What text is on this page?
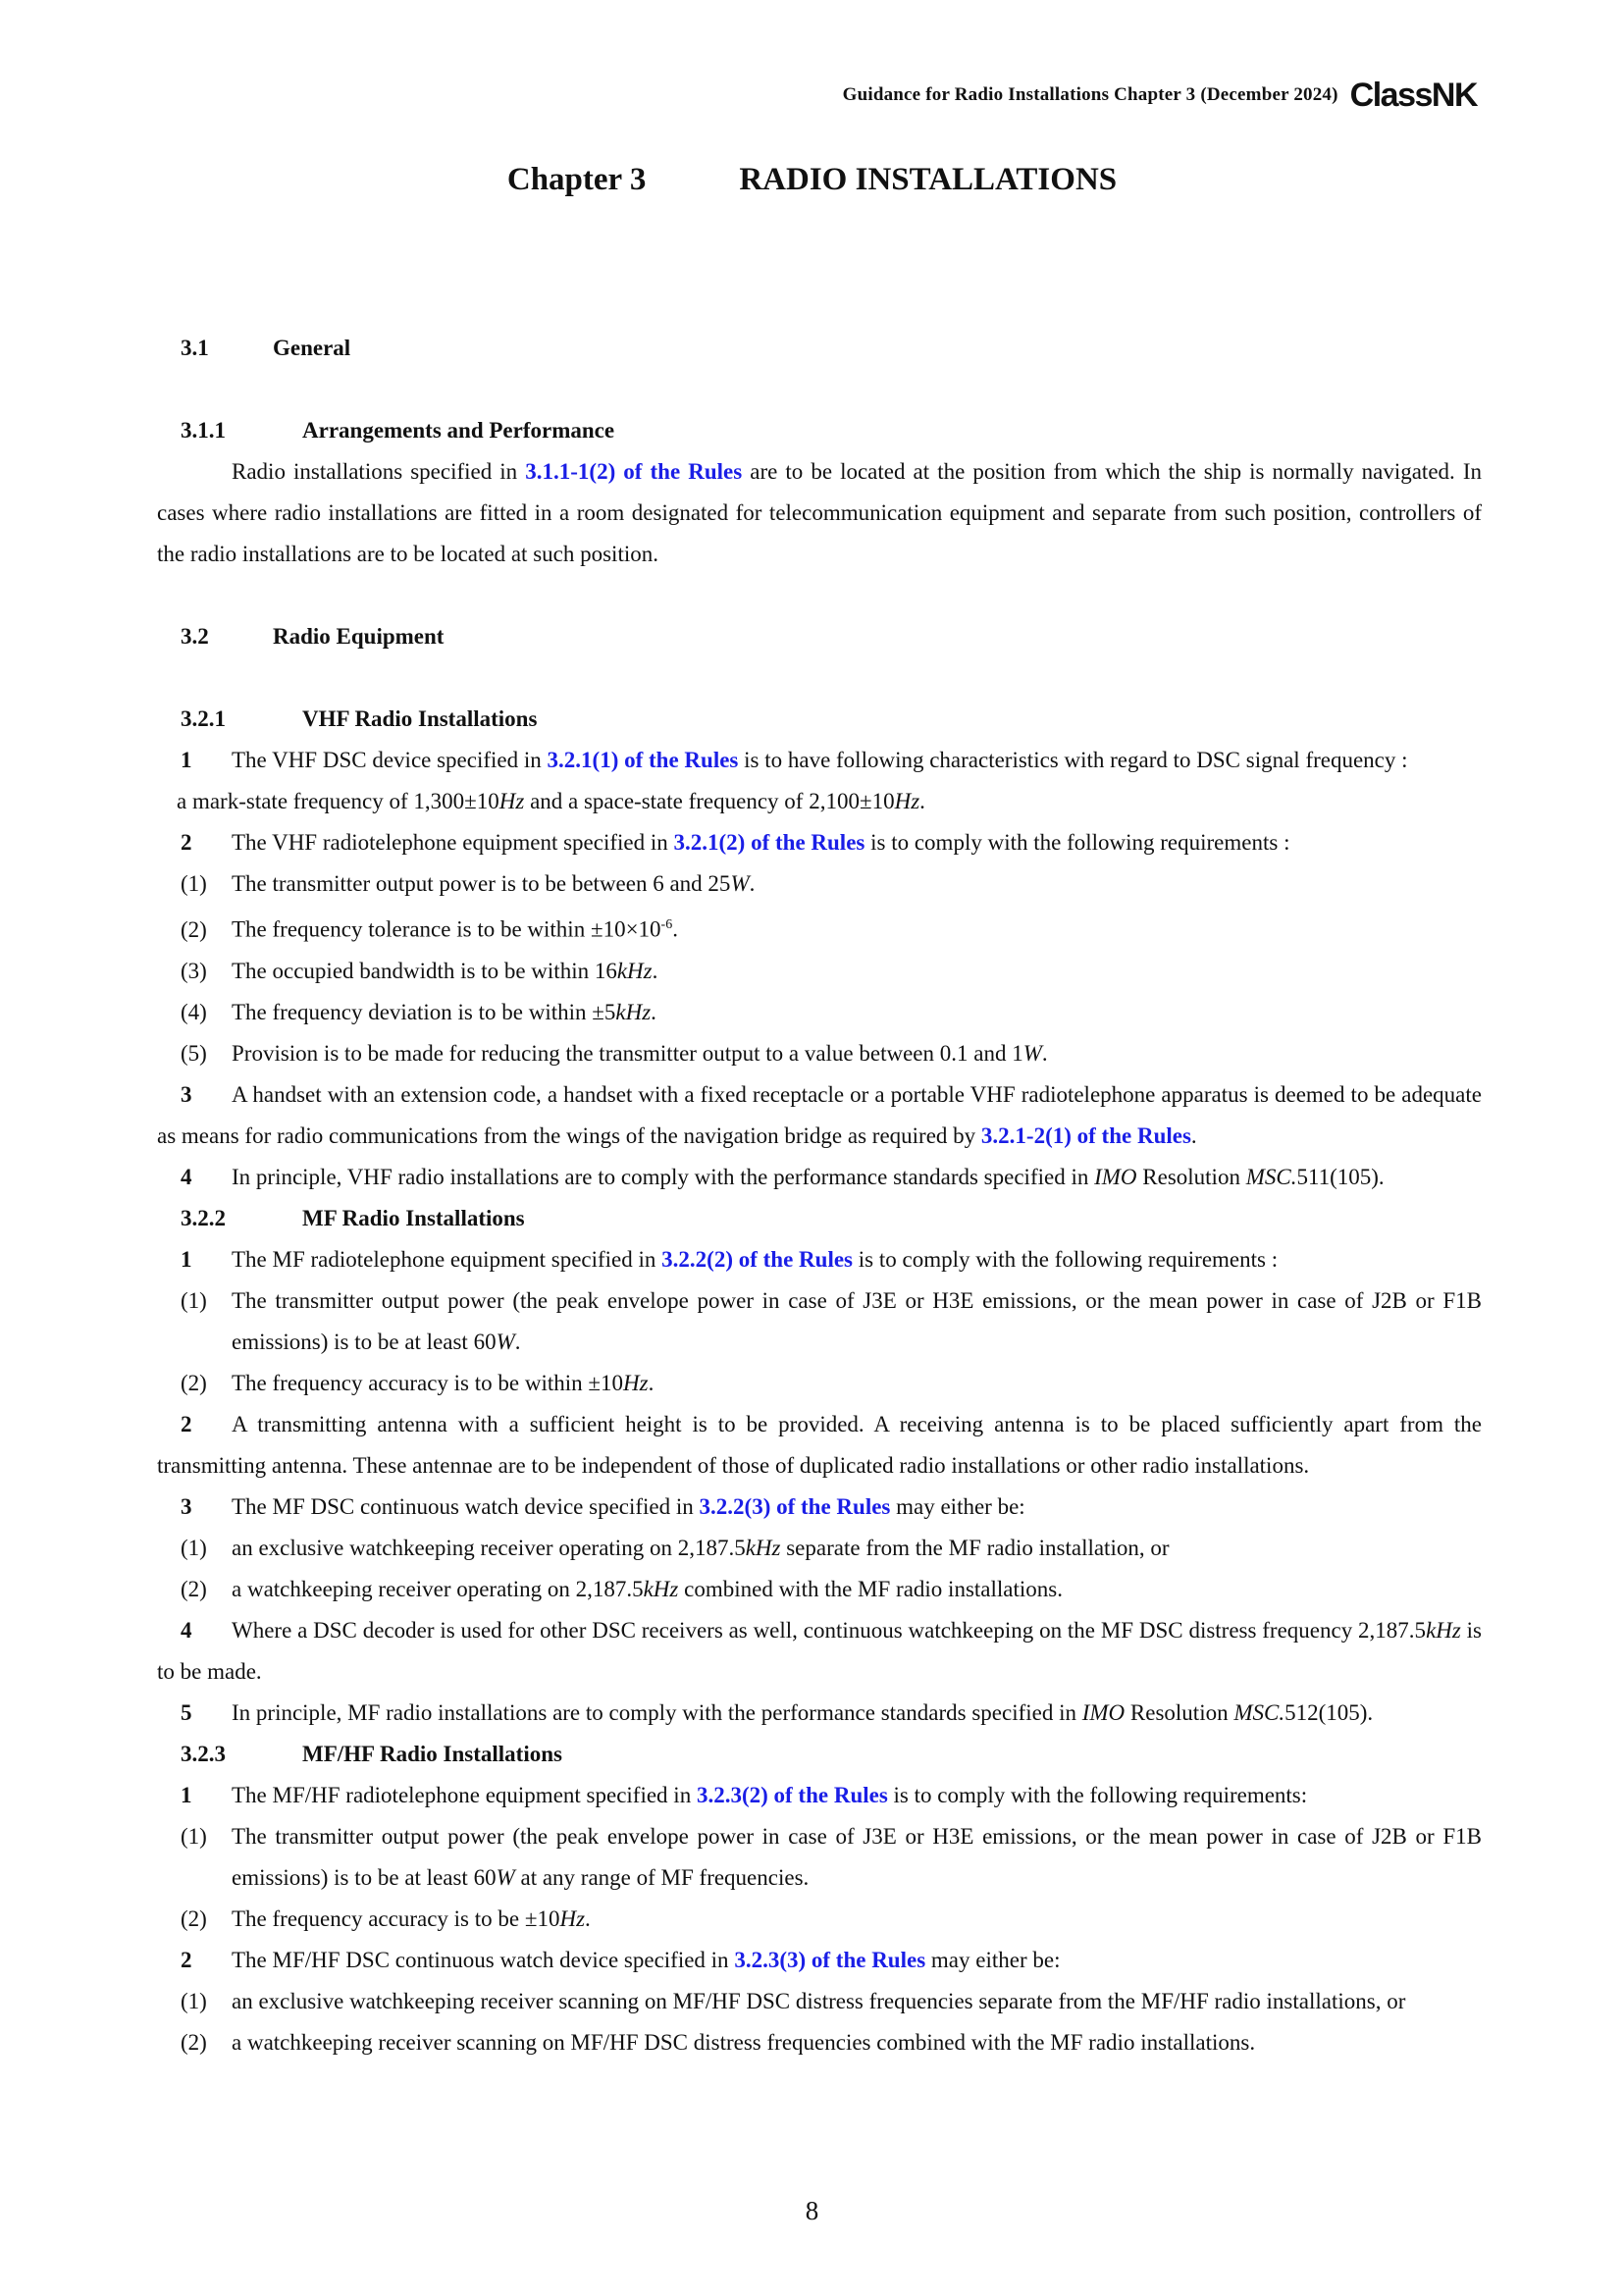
Guidance for Radio Installations Chapter 3 (December 2024) ClassNK
Chapter 3	RADIO INSTALLATIONS
3.1	General
3.1.1	Arrangements and Performance
Radio installations specified in 3.1.1-1(2) of the Rules are to be located at the position from which the ship is normally navigated. In cases where radio installations are fitted in a room designated for telecommunication equipment and separate from such position, controllers of the radio installations are to be located at such position.
3.2	Radio Equipment
3.2.1	VHF Radio Installations
1 The VHF DSC device specified in 3.2.1(1) of the Rules is to have following characteristics with regard to DSC signal frequency :
a mark-state frequency of 1,300±10Hz and a space-state frequency of 2,100±10Hz.
2 The VHF radiotelephone equipment specified in 3.2.1(2) of the Rules is to comply with the following requirements :
(1) The transmitter output power is to be between 6 and 25W.
(2) The frequency tolerance is to be within $\pm 10\times 10^{-6}$.
(3) The occupied bandwidth is to be within 16kHz.
(4) The frequency deviation is to be within ±5kHz.
(5) Provision is to be made for reducing the transmitter output to a value between 0.1 and 1W.
3 A handset with an extension code, a handset with a fixed receptacle or a portable VHF radiotelephone apparatus is deemed to be adequate as means for radio communications from the wings of the navigation bridge as required by 3.2.1-2(1) of the Rules.
4 In principle, VHF radio installations are to comply with the performance standards specified in IMO Resolution MSC.511(105).
3.2.2	MF Radio Installations
1 The MF radiotelephone equipment specified in 3.2.2(2) of the Rules is to comply with the following requirements :
(1) The transmitter output power (the peak envelope power in case of J3E or H3E emissions, or the mean power in case of J2B or F1B emissions) is to be at least 60W.
(2) The frequency accuracy is to be within ±10Hz.
2 A transmitting antenna with a sufficient height is to be provided. A receiving antenna is to be placed sufficiently apart from the transmitting antenna. These antennae are to be independent of those of duplicated radio installations or other radio installations.
3 The MF DSC continuous watch device specified in 3.2.2(3) of the Rules may either be:
(1) an exclusive watchkeeping receiver operating on 2,187.5kHz separate from the MF radio installation, or
(2) a watchkeeping receiver operating on 2,187.5kHz combined with the MF radio installations.
4 Where a DSC decoder is used for other DSC receivers as well, continuous watchkeeping on the MF DSC distress frequency 2,187.5kHz is to be made.
5 In principle, MF radio installations are to comply with the performance standards specified in IMO Resolution MSC.512(105).
3.2.3	MF/HF Radio Installations
1 The MF/HF radiotelephone equipment specified in 3.2.3(2) of the Rules is to comply with the following requirements:
(1) The transmitter output power (the peak envelope power in case of J3E or H3E emissions, or the mean power in case of J2B or F1B emissions) is to be at least 60W at any range of MF frequencies.
(2) The frequency accuracy is to be ±10Hz.
2 The MF/HF DSC continuous watch device specified in 3.2.3(3) of the Rules may either be:
(1) an exclusive watchkeeping receiver scanning on MF/HF DSC distress frequencies separate from the MF/HF radio installations, or
(2) a watchkeeping receiver scanning on MF/HF DSC distress frequencies combined with the MF radio installations.
8
